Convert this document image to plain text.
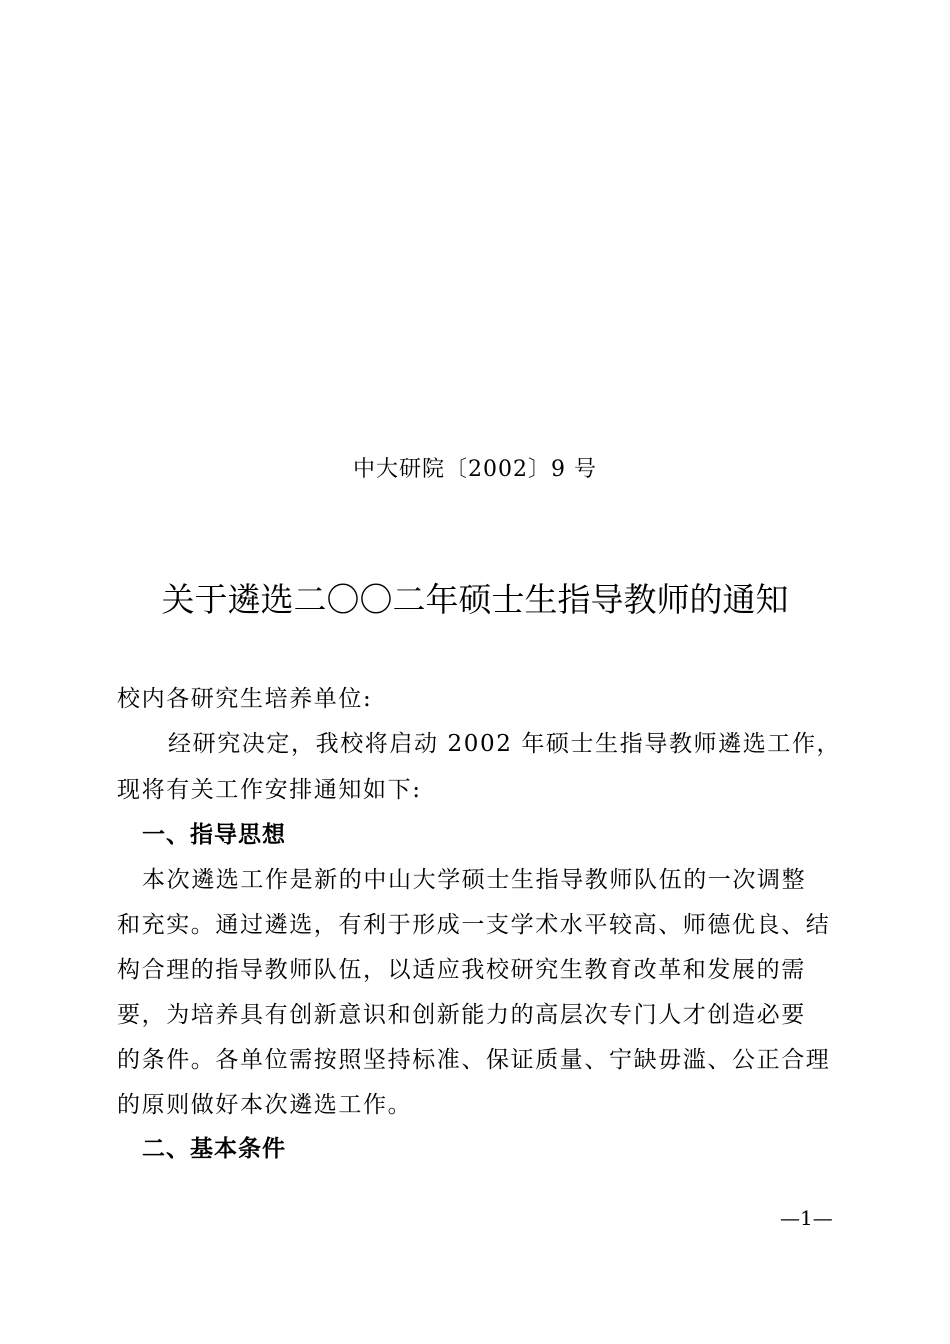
中大研院〔2002〕9 号
关于遴选二〇〇二年硕士生指导教师的通知
校内各研究生培养单位:
经研究决定，我校将启动 2002 年硕士生指导教师遴选工作，
现将有关工作安排通知如下:
一、指导思想
本次遴选工作是新的中山大学硕士生指导教师队伍的一次调整
和充实。通过遴选，有利于形成一支学术水平较高、师德优良、结
构合理的指导教师队伍，以适应我校研究生教育改革和发展的需
要，为培养具有创新意识和创新能力的高层次专门人才创造必要
的条件。各单位需按照坚持标准、保证质量、宁缺毋滥、公正合理
的原则做好本次遴选工作。
二、基本条件
—1—
